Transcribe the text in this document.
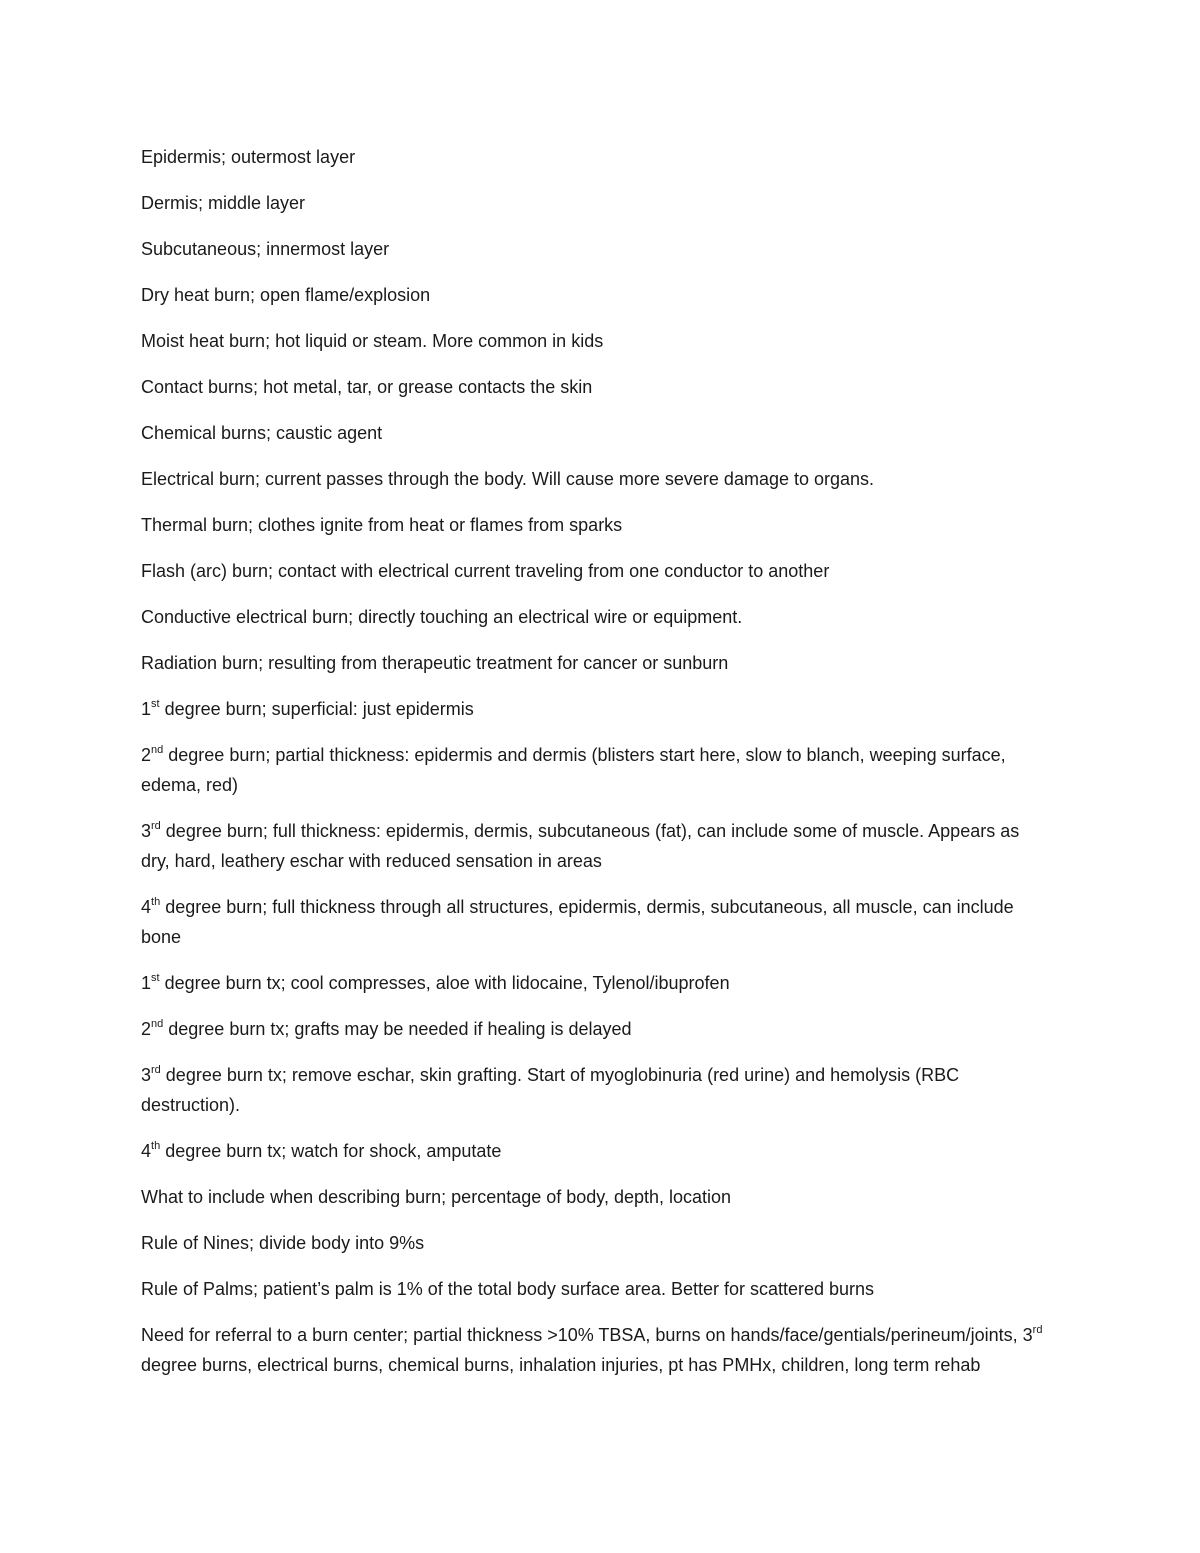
Epidermis; outermost layer

Dermis; middle layer

Subcutaneous; innermost layer

Dry heat burn; open flame/explosion

Moist heat burn; hot liquid or steam. More common in kids

Contact burns; hot metal, tar, or grease contacts the skin

Chemical burns; caustic agent

Electrical burn; current passes through the body. Will cause more severe damage to organs.

Thermal burn; clothes ignite from heat or flames from sparks

Flash (arc) burn; contact with electrical current traveling from one conductor to another

Conductive electrical burn; directly touching an electrical wire or equipment.

Radiation burn; resulting from therapeutic treatment for cancer or sunburn

1st degree burn; superficial: just epidermis

2nd degree burn; partial thickness: epidermis and dermis (blisters start here, slow to blanch, weeping surface, edema, red)

3rd degree burn; full thickness: epidermis, dermis, subcutaneous (fat), can include some of muscle. Appears as dry, hard, leathery eschar with reduced sensation in areas

4th degree burn; full thickness through all structures, epidermis, dermis, subcutaneous, all muscle, can include bone

1st degree burn tx; cool compresses, aloe with lidocaine, Tylenol/ibuprofen

2nd degree burn tx; grafts may be needed if healing is delayed

3rd degree burn tx; remove eschar, skin grafting. Start of myoglobinuria (red urine) and hemolysis (RBC destruction).

4th degree burn tx; watch for shock, amputate

What to include when describing burn; percentage of body, depth, location

Rule of Nines; divide body into 9%s

Rule of Palms; patient’s palm is 1% of the total body surface area. Better for scattered burns

Need for referral to a burn center; partial thickness >10% TBSA, burns on hands/face/gentials/perineum/joints, 3rd degree burns, electrical burns, chemical burns, inhalation injuries, pt has PMHx, children, long term rehab
